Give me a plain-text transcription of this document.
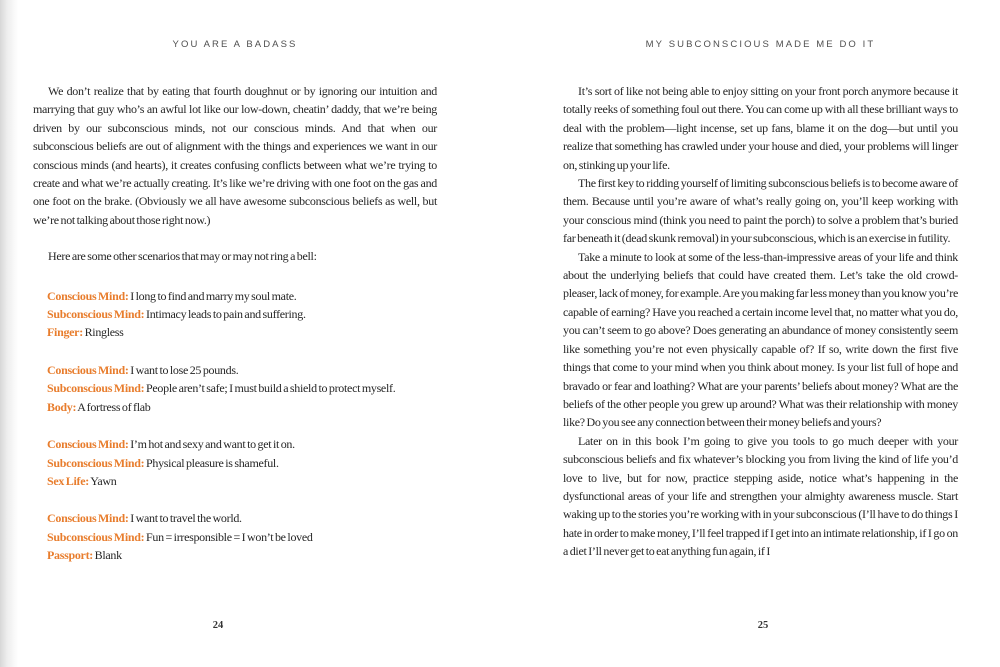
YOU ARE A BADASS

We don’t realize that by eating that fourth doughnut or by ignoring our intuition and marrying that guy who’s an awful lot like our low-down, cheatin’ daddy, that we’re being driven by our subconscious minds, not our conscious minds. And that when our subconscious beliefs are out of alignment with the things and experiences we want in our conscious minds (and hearts), it creates confusing conflicts between what we’re trying to create and what we’re actually creating. It’s like we’re driving with one foot on the gas and one foot on the brake. (Obviously we all have awesome subconscious beliefs as well, but we’re not talking about those right now.)

Here are some other scenarios that may or may not ring a bell:

Conscious Mind: I long to find and marry my soul mate.
Subconscious Mind: Intimacy leads to pain and suffering.
Finger: Ringless
Conscious Mind: I want to lose 25 pounds.
Subconscious Mind: People aren’t safe; I must build a shield to protect myself.
Body: A fortress of flab
Conscious Mind: I’m hot and sexy and want to get it on.
Subconscious Mind: Physical pleasure is shameful.
Sex Life: Yawn
Conscious Mind: I want to travel the world.
Subconscious Mind: Fun = irresponsible = I won’t be loved
Passport: Blank
24
MY SUBCONSCIOUS MADE ME DO IT

It’s sort of like not being able to enjoy sitting on your front porch anymore because it totally reeks of something foul out there. You can come up with all these brilliant ways to deal with the problem—light incense, set up fans, blame it on the dog—but until you realize that something has crawled under your house and died, your problems will linger on, stinking up your life.

The first key to ridding yourself of limiting subconscious beliefs is to become aware of them. Because until you’re aware of what’s really going on, you’ll keep working with your conscious mind (think you need to paint the porch) to solve a problem that’s buried far beneath it (dead skunk removal) in your subconscious, which is an exercise in futility.

Take a minute to look at some of the less-than-impressive areas of your life and think about the underlying beliefs that could have created them. Let’s take the old crowd-pleaser, lack of money, for example. Are you making far less money than you know you’re capable of earning? Have you reached a certain income level that, no matter what you do, you can’t seem to go above? Does generating an abundance of money consistently seem like something you’re not even physically capable of? If so, write down the first five things that come to your mind when you think about money. Is your list full of hope and bravado or fear and loathing? What are your parents’ beliefs about money? What are the beliefs of the other people you grew up around? What was their relationship with money like? Do you see any connection between their money beliefs and yours?

Later on in this book I’m going to give you tools to go much deeper with your subconscious beliefs and fix whatever’s blocking you from living the kind of life you’d love to live, but for now, practice stepping aside, notice what’s happening in the dysfunctional areas of your life and strengthen your almighty awareness muscle. Start waking up to the stories you’re working with in your subconscious (I’ll have to do things I hate in order to make money, I’ll feel trapped if I get into an intimate relationship, if I go on a diet I’ll never get to eat anything fun again, if I

25
